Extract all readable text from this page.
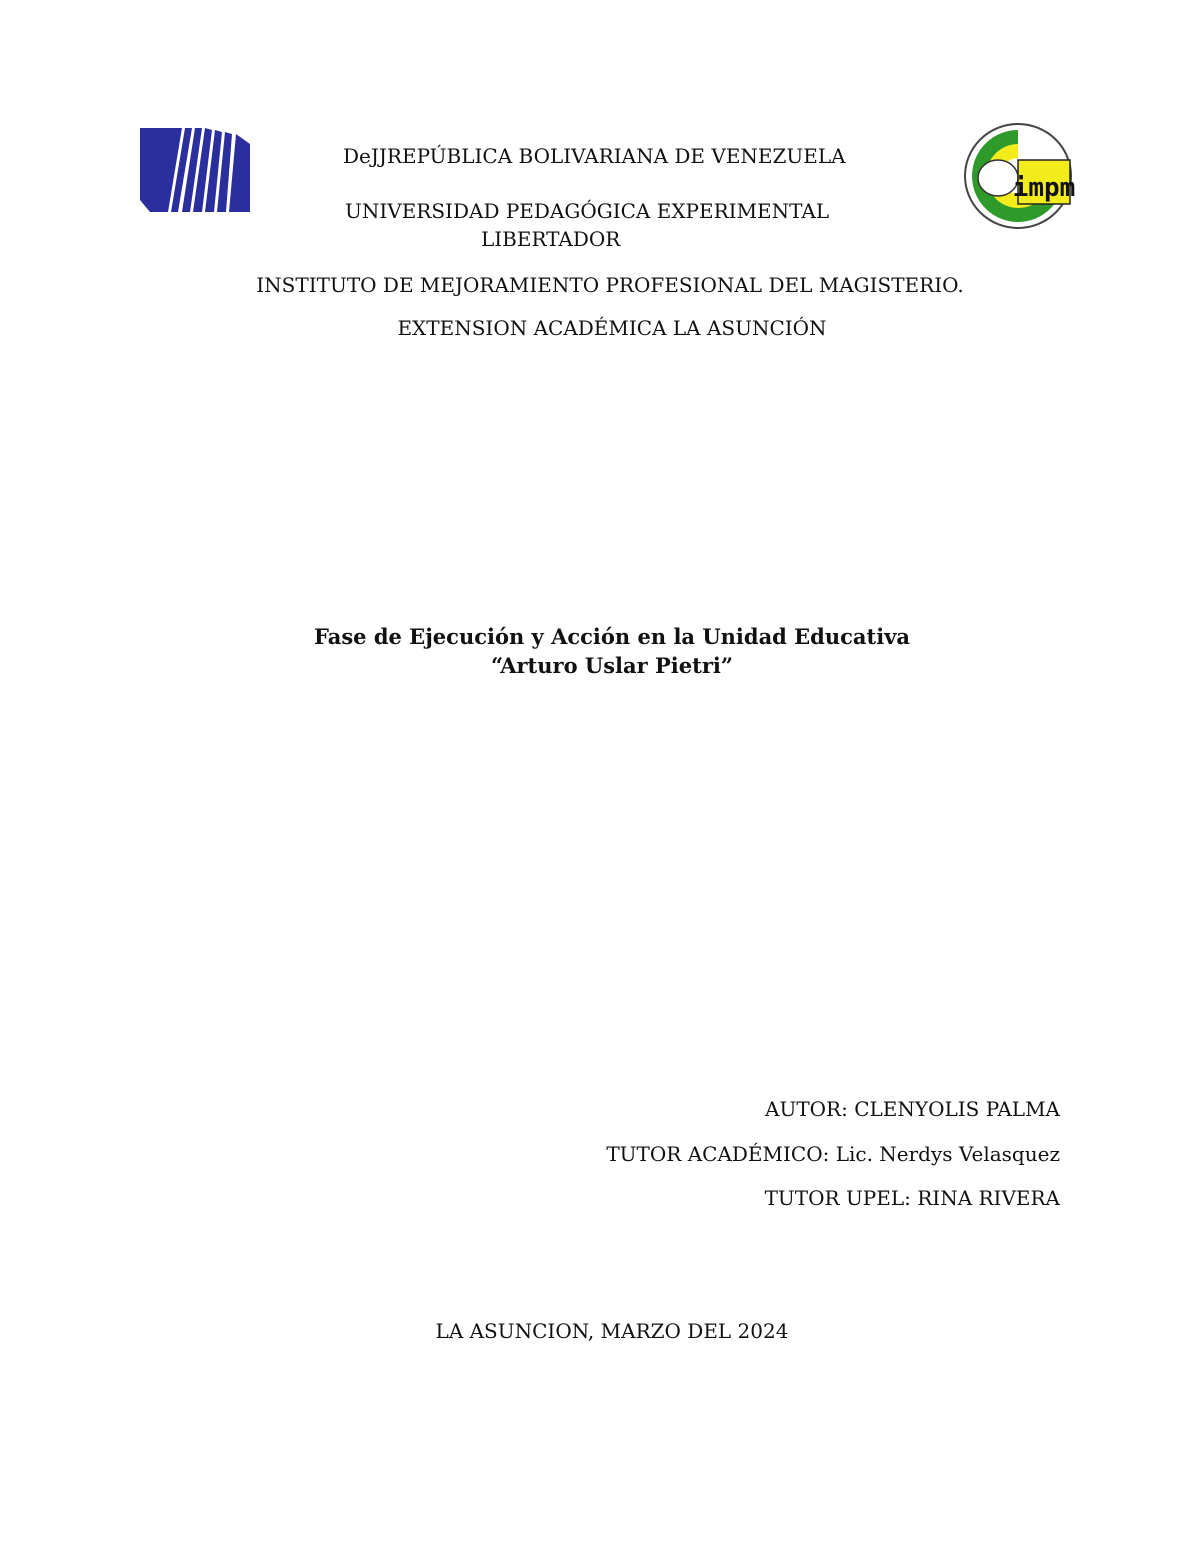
impm
DeJJREPÚBLICA BOLIVARIANA DE VENEZUELA
UNIVERSIDAD PEDAGÓGICA EXPERIMENTAL
LIBERTADOR
INSTITUTO DE MEJORAMIENTO PROFESIONAL DEL MAGISTERIO.
EXTENSION ACADÉMICA LA ASUNCIÓN
Fase de Ejecución y Acción en la Unidad Educativa
“Arturo Uslar Pietri”
AUTOR: CLENYOLIS PALMA
TUTOR ACADÉMICO: Lic. Nerdys Velasquez
TUTOR UPEL: RINA RIVERA
LA ASUNCION, MARZO DEL 2024
